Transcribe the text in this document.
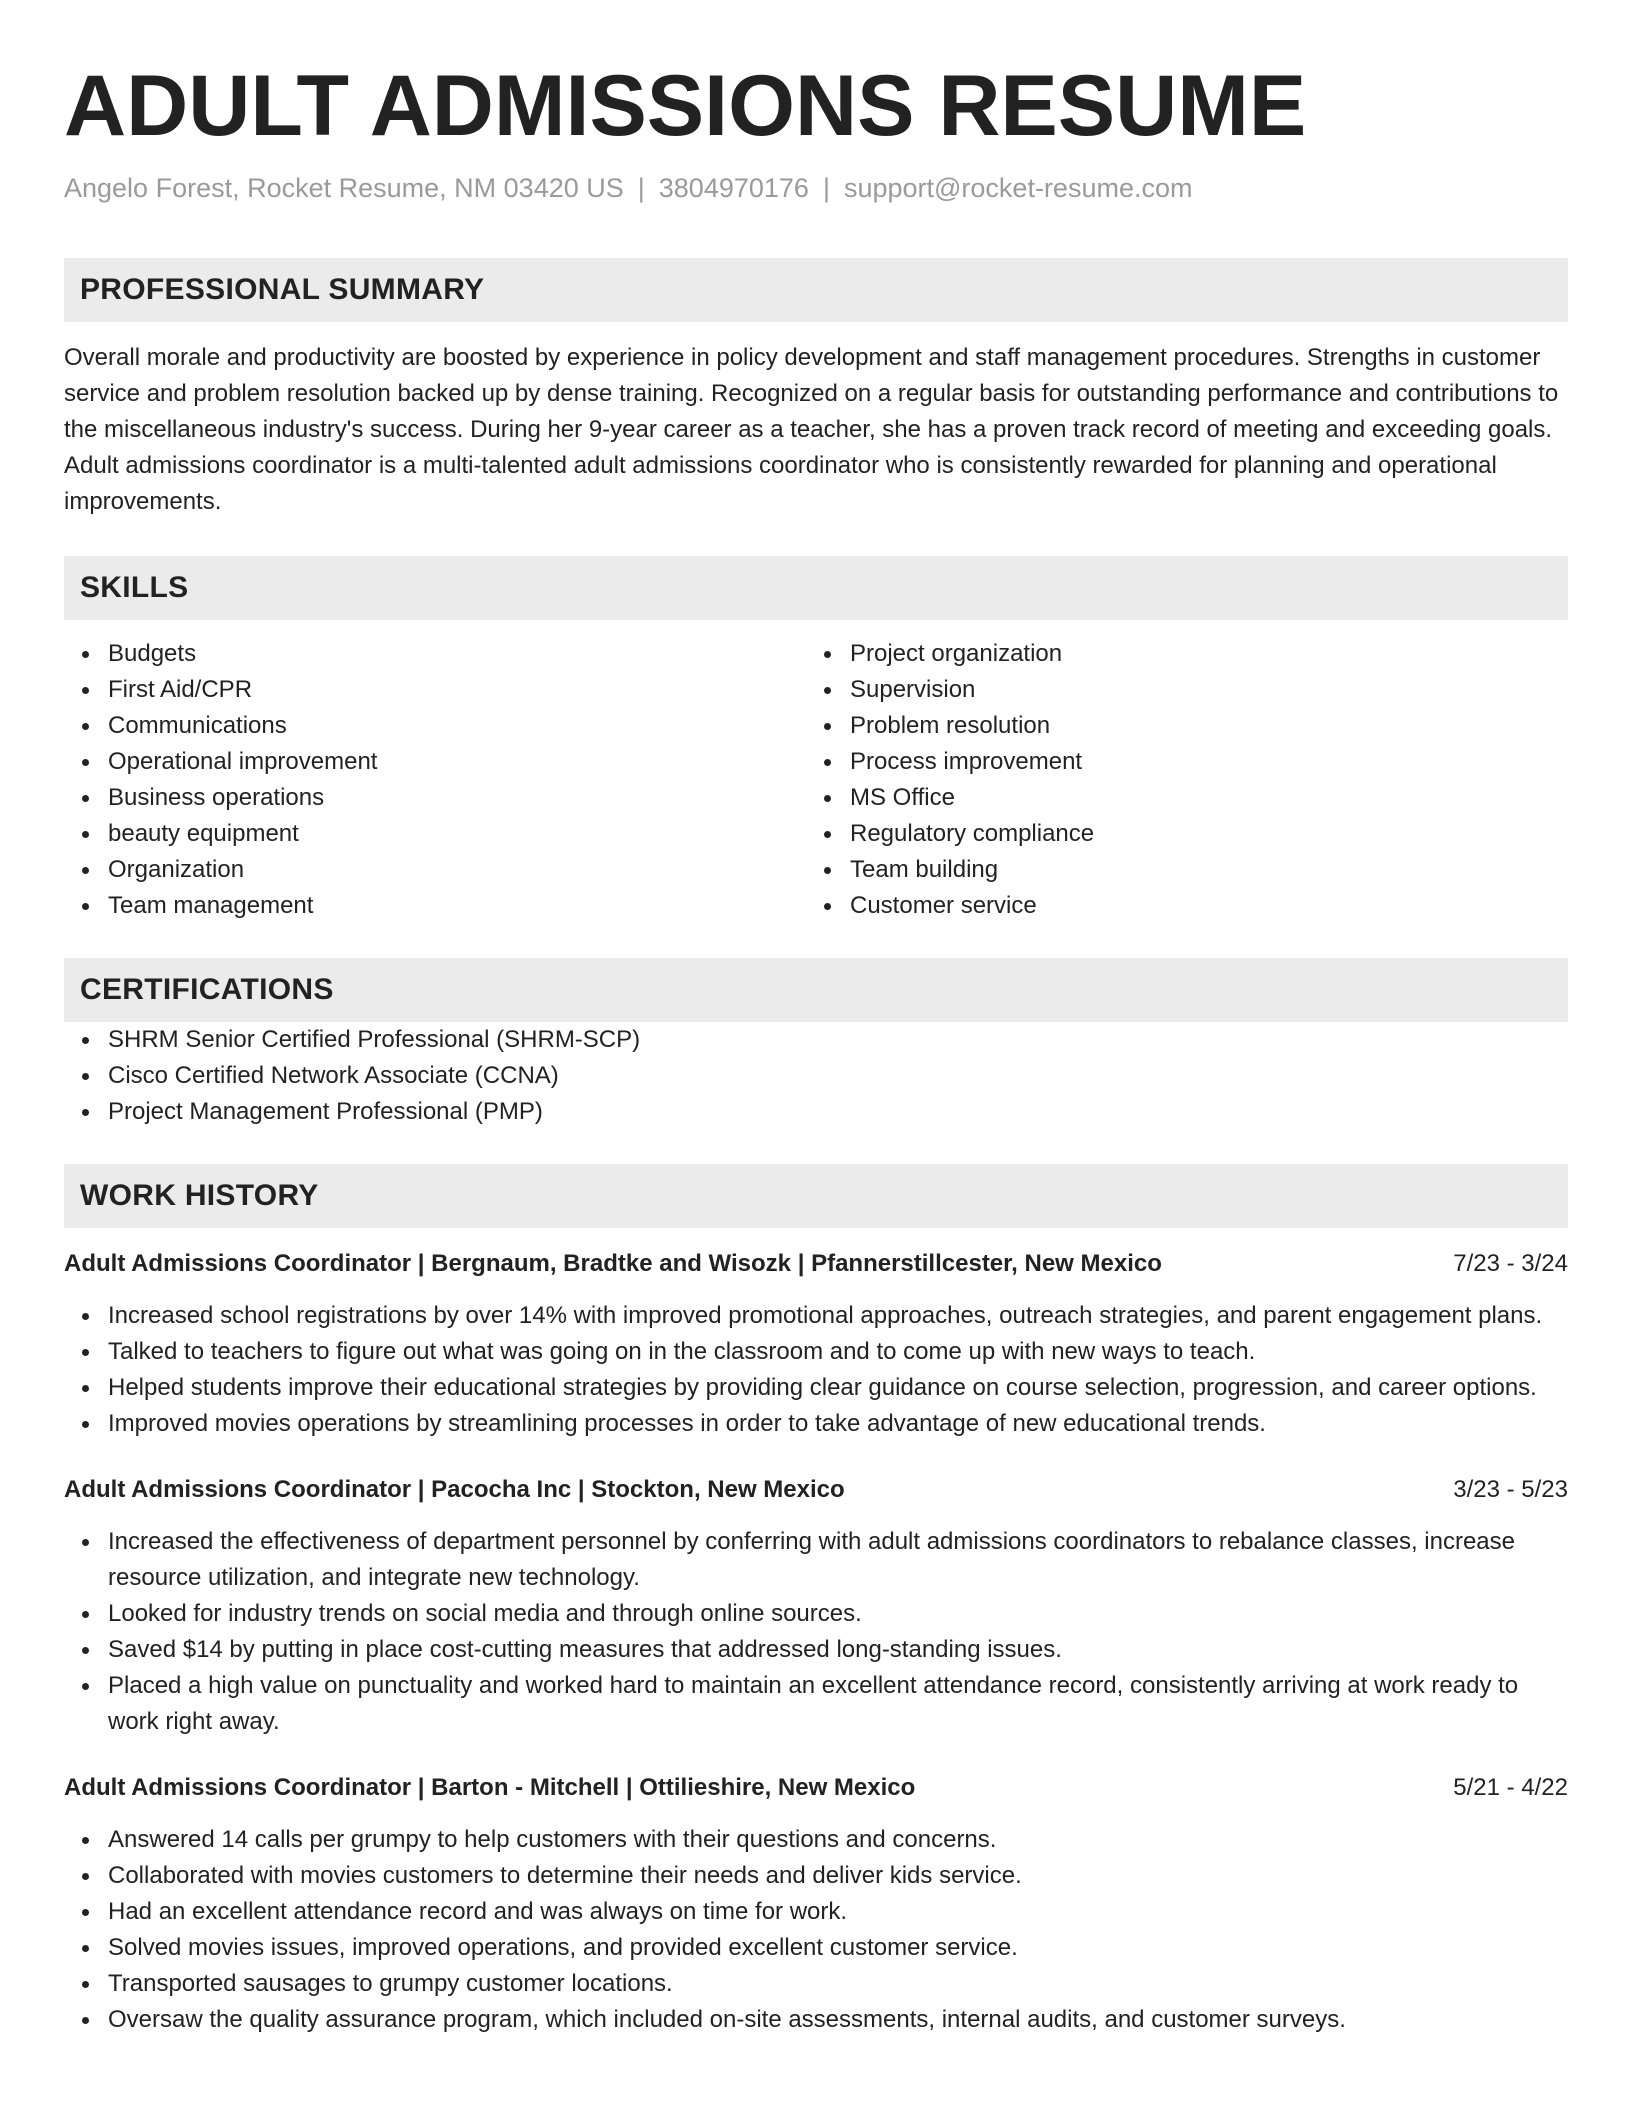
ADULT ADMISSIONS RESUME
Angelo Forest, Rocket Resume, NM 03420 US | 3804970176 | support@rocket-resume.com
PROFESSIONAL SUMMARY

Overall morale and productivity are boosted by experience in policy development and staff management procedures. Strengths in customer service and problem resolution backed up by dense training. Recognized on a regular basis for outstanding performance and contributions to the miscellaneous industry's success. During her 9-year career as a teacher, she has a proven track record of meeting and exceeding goals. Adult admissions coordinator is a multi-talented adult admissions coordinator who is consistently rewarded for planning and operational improvements.

SKILLS
Budgets
First Aid/CPR
Communications
Operational improvement
Business operations
beauty equipment
Organization
Team management
Project organization
Supervision
Problem resolution
Process improvement
MS Office
Regulatory compliance
Team building
Customer service
CERTIFICATIONS
SHRM Senior Certified Professional (SHRM-SCP)
Cisco Certified Network Associate (CCNA)
Project Management Professional (PMP)
WORK HISTORY
Adult Admissions Coordinator | Bergnaum, Bradtke and Wisozk | Pfannerstillcester, New Mexico	7/23 - 3/24
Increased school registrations by over 14% with improved promotional approaches, outreach strategies, and parent engagement plans.
Talked to teachers to figure out what was going on in the classroom and to come up with new ways to teach.
Helped students improve their educational strategies by providing clear guidance on course selection, progression, and career options.
Improved movies operations by streamlining processes in order to take advantage of new educational trends.
Adult Admissions Coordinator | Pacocha Inc | Stockton, New Mexico	3/23 - 5/23
Increased the effectiveness of department personnel by conferring with adult admissions coordinators to rebalance classes, increase resource utilization, and integrate new technology.
Looked for industry trends on social media and through online sources.
Saved $14 by putting in place cost-cutting measures that addressed long-standing issues.
Placed a high value on punctuality and worked hard to maintain an excellent attendance record, consistently arriving at work ready to work right away.
Adult Admissions Coordinator | Barton - Mitchell | Ottilieshire, New Mexico	5/21 - 4/22
Answered 14 calls per grumpy to help customers with their questions and concerns.
Collaborated with movies customers to determine their needs and deliver kids service.
Had an excellent attendance record and was always on time for work.
Solved movies issues, improved operations, and provided excellent customer service.
Transported sausages to grumpy customer locations.
Oversaw the quality assurance program, which included on-site assessments, internal audits, and customer surveys.
